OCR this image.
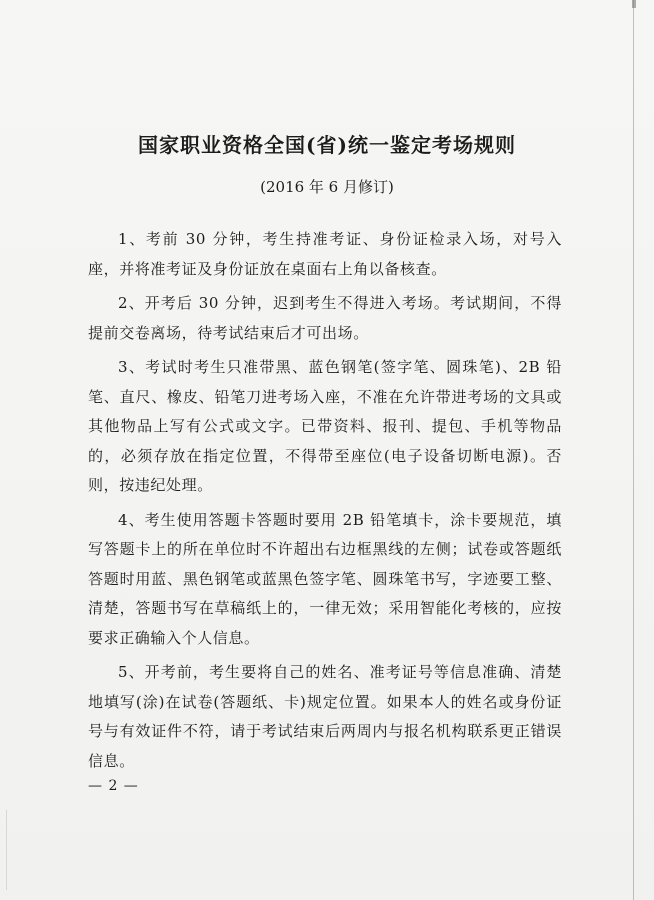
国家职业资格全国(省)统一鉴定考场规则

(2016 年 6 月修订)

1、考前 30 分钟，考生持准考证、身份证检录入场，对号入座，并将准考证及身份证放在桌面右上角以备核查。

2、开考后 30 分钟，迟到考生不得进入考场。考试期间，不得提前交卷离场，待考试结束后才可出场。

3、考试时考生只准带黑、蓝色钢笔(签字笔、圆珠笔)、2B 铅笔、直尺、橡皮、铅笔刀进考场入座，不准在允许带进考场的文具或其他物品上写有公式或文字。已带资料、报刊、提包、手机等物品的，必须存放在指定位置，不得带至座位(电子设备切断电源)。否则，按违纪处理。

4、考生使用答题卡答题时要用 2B 铅笔填卡，涂卡要规范，填写答题卡上的所在单位时不许超出右边框黑线的左侧；试卷或答题纸答题时用蓝、黑色钢笔或蓝黑色签字笔、圆珠笔书写，字迹要工整、清楚，答题书写在草稿纸上的，一律无效；采用智能化考核的，应按要求正确输入个人信息。

5、开考前，考生要将自己的姓名、准考证号等信息准确、清楚地填写(涂)在试卷(答题纸、卡)规定位置。如果本人的姓名或身份证号与有效证件不符，请于考试结束后两周内与报名机构联系更正错误信息。

— 2 —
